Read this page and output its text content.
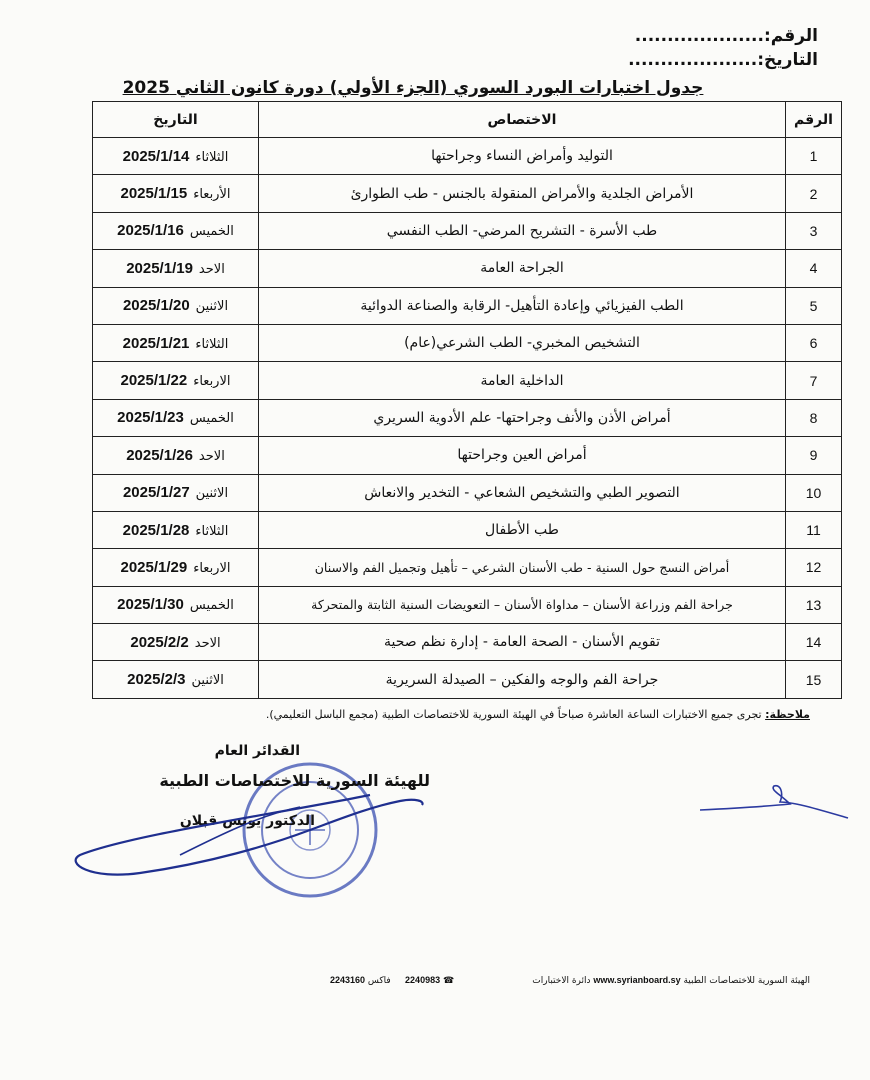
الرقم:....................
التاريخ:....................
جدول اختبارات البورد السوري (الجزء الأولي) دورة كانون الثاني 2025
الرقم	الاختصاص	التاريخ
1	التوليد وأمراض النساء وجراحتها	الثلاثاء2025/1/14
2	الأمراض الجلدية والأمراض المنقولة بالجنس - طب الطوارئ	الأربعاء2025/1/15
3	طب الأسرة - التشريح المرضي- الطب النفسي	الخميس2025/1/16
4	الجراحة العامة	الاحد2025/1/19
5	الطب الفيزيائي وإعادة التأهيل- الرقابة والصناعة الدوائية	الاثنين2025/1/20
6	التشخيص المخبري- الطب الشرعي(عام)	الثلاثاء2025/1/21
7	الداخلية العامة	الاربعاء2025/1/22
8	أمراض الأذن والأنف وجراحتها- علم الأدوية السريري	الخميس2025/1/23
9	أمراض العين وجراحتها	الاحد2025/1/26
10	التصوير الطبي والتشخيص الشعاعي - التخدير والانعاش	الاثنين2025/1/27
11	طب الأطفال	الثلاثاء2025/1/28
12	أمراض النسج حول السنية - طب الأسنان الشرعي – تأهيل وتجميل الفم والاسنان	الاربعاء2025/1/29
13	جراحة الفم وزراعة الأسنان – مداواة الأسنان – التعويضات السنية الثابتة والمتحركة	الخميس2025/1/30
14	تقويم الأسنان - الصحة العامة - إدارة نظم صحية	الاحد2025/2/2
15	جراحة الفم والوجه والفكين – الصيدلة السريرية	الاثنين2025/2/3
ملاحظة: تجرى جميع الاختبارات الساعة العاشرة صباحاً في الهيئة السورية للاختصاصات الطبية (مجمع الباسل التعليمي).
القدائر العام
للهيئة السورية للاختصاصات الطبية
الدكتور يونس قبلان
الهيئة السورية للاختصاصات الطبية www.syrianboard.sy دائرة الاختبارات
☎ 2240983     فاكس 2243160
